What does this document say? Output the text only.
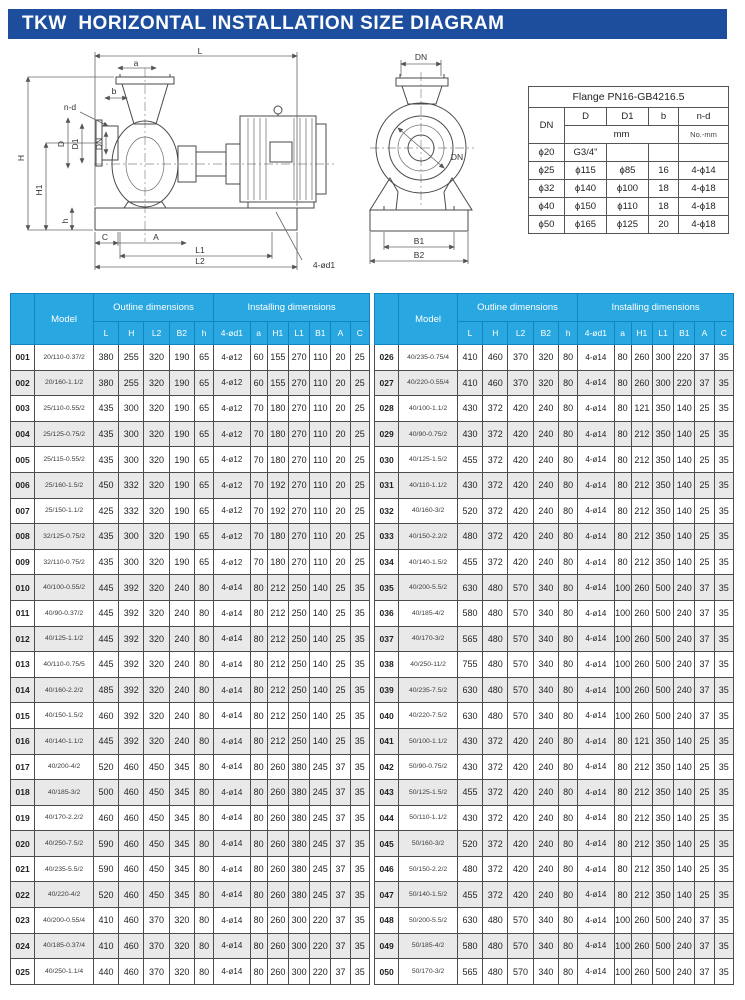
TKW  HORIZONTAL INSTALLATION SIZE DIAGRAM
L
a
b
n-d
H
H1
D D1 DN
h
C	A
L1
L2	4-ød1
DN
DN
B1
B2
Flange PN16-GB4216.5				
DN	D	D1	b	n-d
	mm			No.-mm
ϕ20	G3/4"			
ϕ25	ϕ115	ϕ85	16	4-ϕ14
ϕ32	ϕ140	ϕ100	18	4-ϕ18
ϕ40	ϕ150	ϕ110	18	4-ϕ18
ϕ50	ϕ165	ϕ125	20	4-ϕ18
	Model	Outline dimensions					Installing dimensions						
		L	H	L2	B2	h	4-ød1	a	H1	L1	B1	A	C
001	20/110-0.37/2	380	255	320	190	65	4-ø12	60	155	270	110	20	25
002	20/160-1.1/2	380	255	320	190	65	4-ø12	60	155	270	110	20	25
003	25/110-0.55/2	435	300	320	190	65	4-ø12	70	180	270	110	20	25
004	25/125-0.75/2	435	300	320	190	65	4-ø12	70	180	270	110	20	25
005	25/115-0.55/2	435	300	320	190	65	4-ø12	70	180	270	110	20	25
006	25/160-1.5/2	450	332	320	190	65	4-ø12	70	192	270	110	20	25
007	25/150-1.1/2	425	332	320	190	65	4-ø12	70	192	270	110	20	25
008	32/125-0.75/2	435	300	320	190	65	4-ø12	70	180	270	110	20	25
009	32/110-0.75/2	435	300	320	190	65	4-ø12	70	180	270	110	20	25
010	40/100-0.55/2	445	392	320	240	80	4-ø14	80	212	250	140	25	35
011	40/90-0.37/2	445	392	320	240	80	4-ø14	80	212	250	140	25	35
012	40/125-1.1/2	445	392	320	240	80	4-ø14	80	212	250	140	25	35
013	40/110-0.75/5	445	392	320	240	80	4-ø14	80	212	250	140	25	35
014	40/160-2.2/2	485	392	320	240	80	4-ø14	80	212	250	140	25	35
015	40/150-1.5/2	460	392	320	240	80	4-ø14	80	212	250	140	25	35
016	40/140-1.1/2	445	392	320	240	80	4-ø14	80	212	250	140	25	35
017	40/200-4/2	520	460	450	345	80	4-ø14	80	260	380	245	37	35
018	40/185-3/2	500	460	450	345	80	4-ø14	80	260	380	245	37	35
019	40/170-2.2/2	460	460	450	345	80	4-ø14	80	260	380	245	37	35
020	40/250-7.5/2	590	460	450	345	80	4-ø14	80	260	380	245	37	35
021	40/235-5.5/2	590	460	450	345	80	4-ø14	80	260	380	245	37	35
022	40/220-4/2	520	460	450	345	80	4-ø14	80	260	380	245	37	35
023	40/200-0.55/4	410	460	370	320	80	4-ø14	80	260	300	220	37	35
024	40/185-0.37/4	410	460	370	320	80	4-ø14	80	260	300	220	37	35
025	40/250-1.1/4	440	460	370	320	80	4-ø14	80	260	300	220	37	35
	Model	Outline dimensions					Installing dimensions						
		L	H	L2	B2	h	4-ød1	a	H1	L1	B1	A	C
026	40/235-0.75/4	410	460	370	320	80	4-ø14	80	260	300	220	37	35
027	40/220-0.55/4	410	460	370	320	80	4-ø14	80	260	300	220	37	35
028	40/100-1.1/2	430	372	420	240	80	4-ø14	80	121	350	140	25	35
029	40/90-0.75/2	430	372	420	240	80	4-ø14	80	212	350	140	25	35
030	40/125-1.5/2	455	372	420	240	80	4-ø14	80	212	350	140	25	35
031	40/110-1.1/2	430	372	420	240	80	4-ø14	80	212	350	140	25	35
032	40/160-3/2	520	372	420	240	80	4-ø14	80	212	350	140	25	35
033	40/150-2.2/2	480	372	420	240	80	4-ø14	80	212	350	140	25	35
034	40/140-1.5/2	455	372	420	240	80	4-ø14	80	212	350	140	25	35
035	40/200-5.5/2	630	480	570	340	80	4-ø14	100	260	500	240	37	35
036	40/185-4/2	580	480	570	340	80	4-ø14	100	260	500	240	37	35
037	40/170-3/2	565	480	570	340	80	4-ø14	100	260	500	240	37	35
038	40/250-11/2	755	480	570	340	80	4-ø14	100	260	500	240	37	35
039	40/235-7.5/2	630	480	570	340	80	4-ø14	100	260	500	240	37	35
040	40/220-7.5/2	630	480	570	340	80	4-ø14	100	260	500	240	37	35
041	50/100-1.1/2	430	372	420	240	80	4-ø14	80	121	350	140	25	35
042	50/90-0.75/2	430	372	420	240	80	4-ø14	80	212	350	140	25	35
043	50/125-1.5/2	455	372	420	240	80	4-ø14	80	212	350	140	25	35
044	50/110-1.1/2	430	372	420	240	80	4-ø14	80	212	350	140	25	35
045	50/160-3/2	520	372	420	240	80	4-ø14	80	212	350	140	25	35
046	50/150-2.2/2	480	372	420	240	80	4-ø14	80	212	350	140	25	35
047	50/140-1.5/2	455	372	420	240	80	4-ø14	80	212	350	140	25	35
048	50/200-5.5/2	630	480	570	340	80	4-ø14	100	260	500	240	37	35
049	50/185-4/2	580	480	570	340	80	4-ø14	100	260	500	240	37	35
050	50/170-3/2	565	480	570	340	80	4-ø14	100	260	500	240	37	35
